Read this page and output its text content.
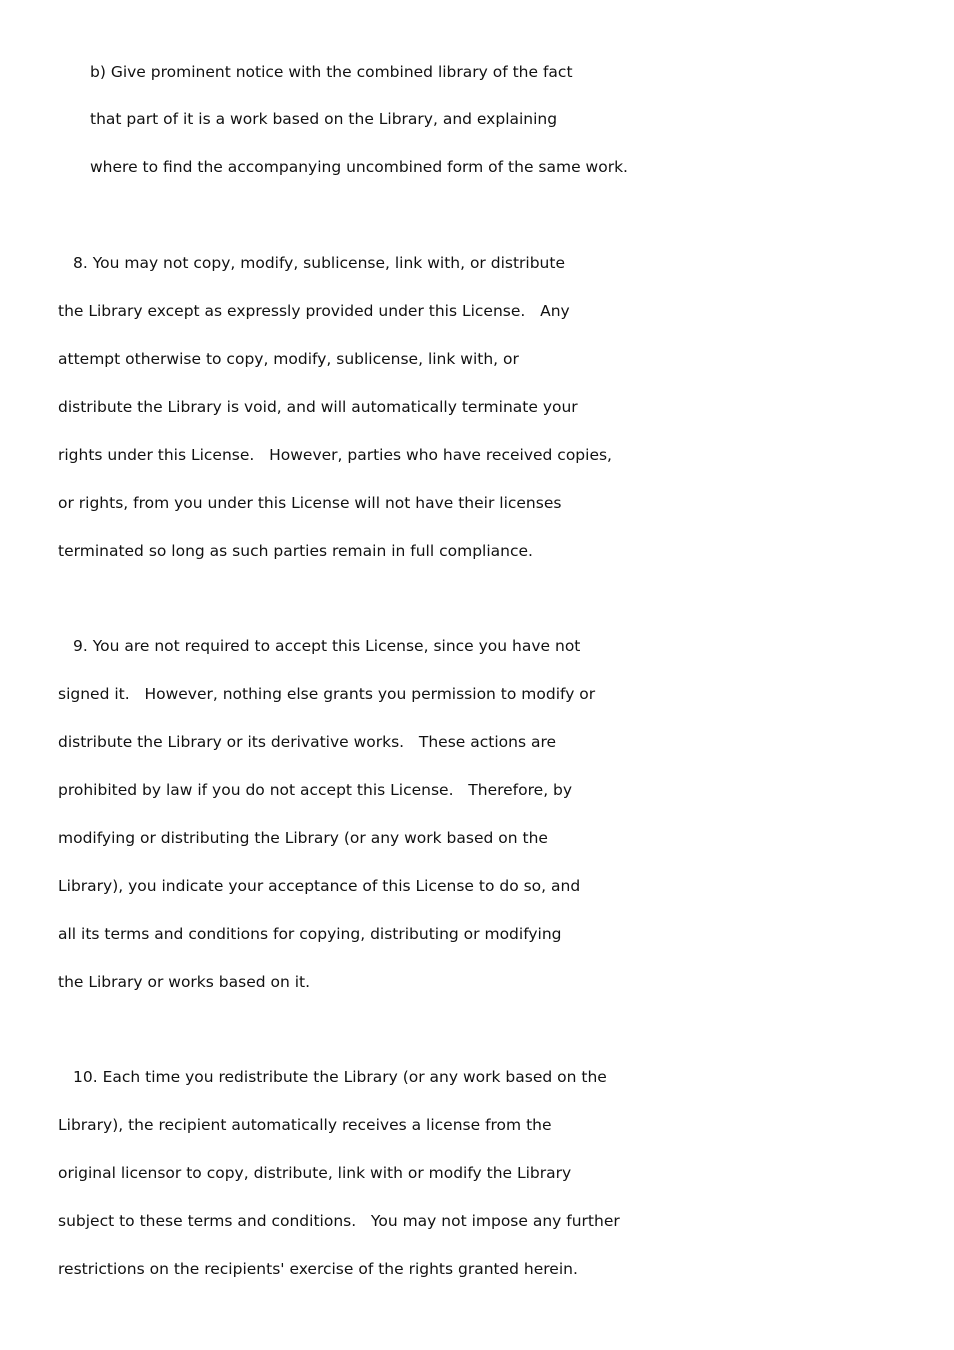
b) Give prominent notice with the combined library of the fact
that part of it is a work based on the Library, and explaining
where to find the accompanying uncombined form of the same work.
8. You may not copy, modify, sublicense, link with, or distribute
the Library except as expressly provided under this License.   Any
attempt otherwise to copy, modify, sublicense, link with, or
distribute the Library is void, and will automatically terminate your
rights under this License.   However, parties who have received copies,
or rights, from you under this License will not have their licenses
terminated so long as such parties remain in full compliance.
9. You are not required to accept this License, since you have not
signed it.   However, nothing else grants you permission to modify or
distribute the Library or its derivative works.   These actions are
prohibited by law if you do not accept this License.   Therefore, by
modifying or distributing the Library (or any work based on the
Library), you indicate your acceptance of this License to do so, and
all its terms and conditions for copying, distributing or modifying
the Library or works based on it.
10. Each time you redistribute the Library (or any work based on the
Library), the recipient automatically receives a license from the
original licensor to copy, distribute, link with or modify the Library
subject to these terms and conditions.   You may not impose any further
restrictions on the recipients' exercise of the rights granted herein.
